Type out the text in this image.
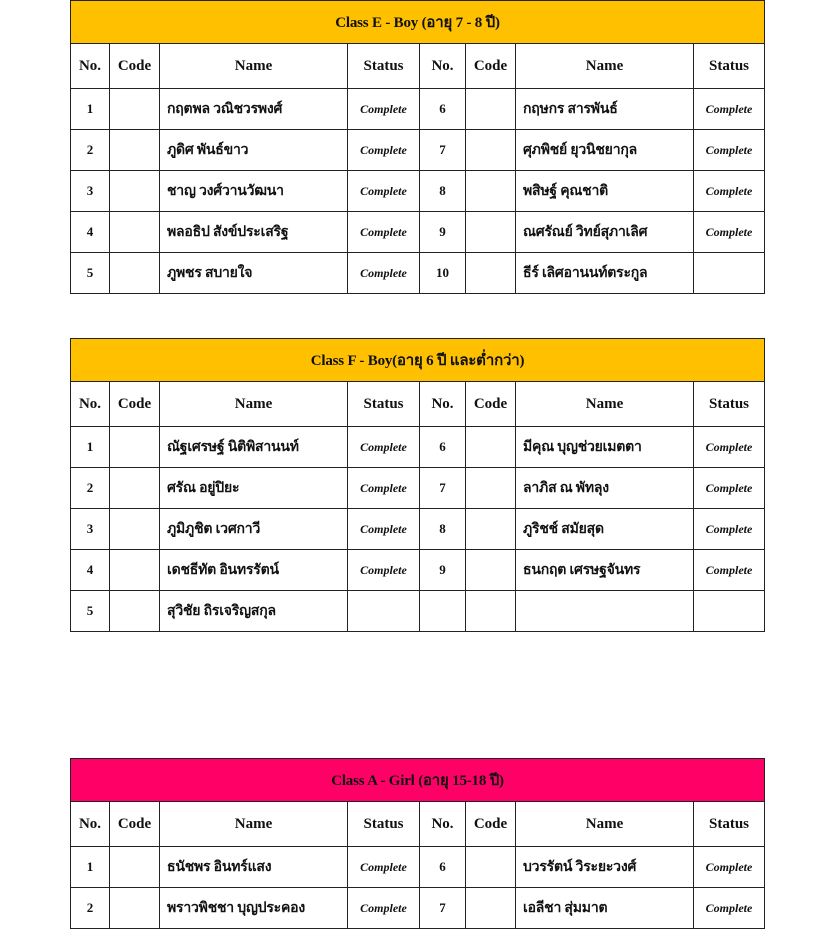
Class E - Boy (อายุ 7 - 8 ปี)							
No.	Code	Name	Status	No.	Code	Name	Status
1		กฤตพล วณิชวรพงศ์	Complete	6		กฤษกร สารพันธ์	Complete
2		ภูดิศ พันธ์ขาว	Complete	7		ศุภพิชย์ ยุวนิชยากุล	Complete
3		ชาญ วงศ์วานวัฒนา	Complete	8		พสิษฐ์ คุณชาติ	Complete
4		พลอธิป สังข์ประเสริฐ	Complete	9		ณศรัณย์ วิทย์สุภาเลิศ	Complete
5		ภูพชร สบายใจ	Complete	10		ธีร์ เลิศอานนท์ตระกูล	
Class F - Boy(อายุ 6 ปี และต่ำกว่า)							
No.	Code	Name	Status	No.	Code	Name	Status
1		ณัฐเศรษฐ์ นิติพิสานนท์	Complete	6		มีคุณ บุญช่วยเมตตา	Complete
2		ศรัณ อยู่ปิยะ	Complete	7		ลาภิส ณ พัทลุง	Complete
3		ภูมิภูชิต เวศกาวี	Complete	8		ภูริชช์ สมัยสุด	Complete
4		เดชธีทัต อินทรรัตน์	Complete	9		ธนกฤต เศรษฐจันทร	Complete
5		สุวิชัย ถิรเจริญสกุล					
Class A - Girl (อายุ 15-18 ปี)							
No.	Code	Name	Status	No.	Code	Name	Status
1		ธนัชพร อินทร์แสง	Complete	6		บวรรัตน์ วิระยะวงศ์	Complete
2		พราวพิชชา บุญประคอง	Complete	7		เอลีชา สุ่มมาต	Complete
